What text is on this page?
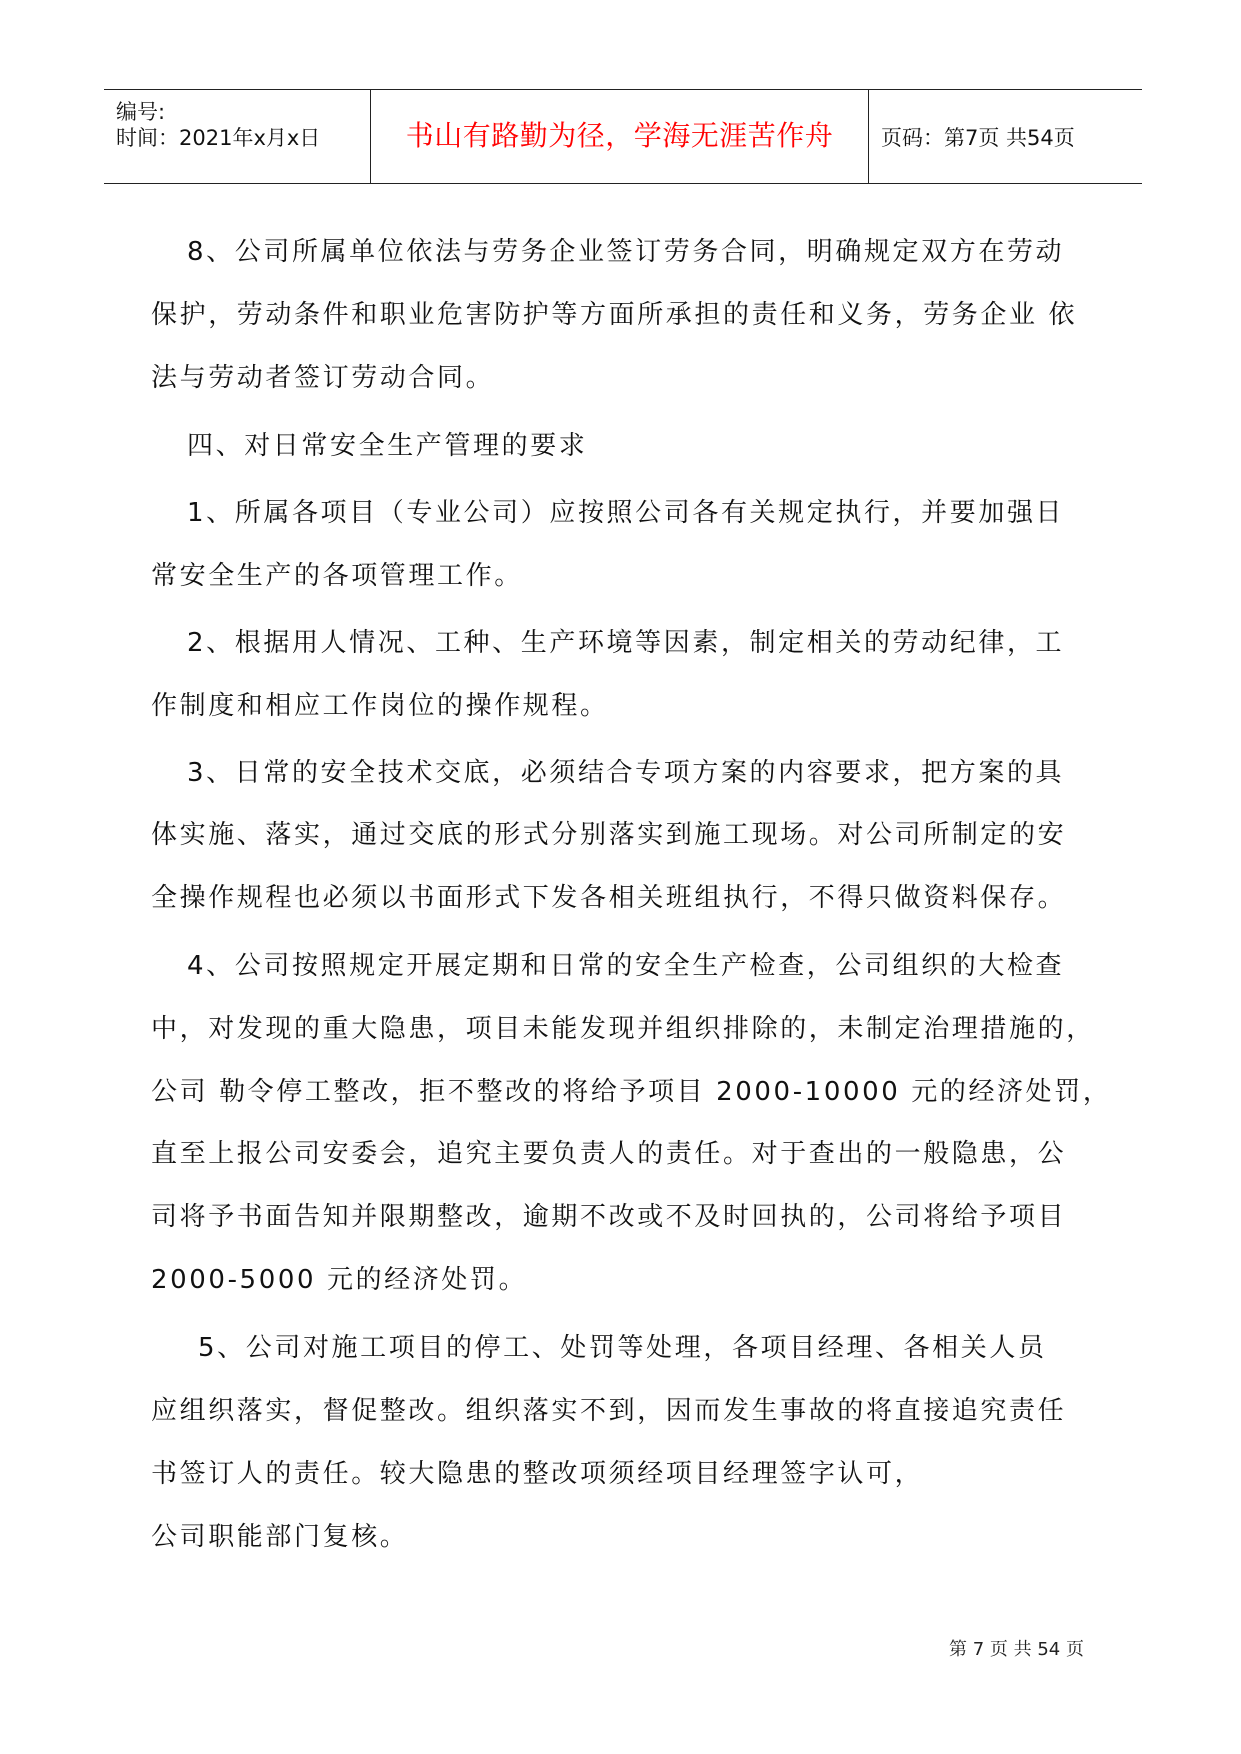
编号:
时间：2021年x月x日	书山有路勤为径，学海无涯苦作舟	页码：第7页 共54页
8、公司所属单位依法与劳务企业签订劳务合同，明确规定双方在劳动
保护，劳动条件和职业危害防护等方面所承担的责任和义务，劳务企业 依
法与劳动者签订劳动合同。
四、对日常安全生产管理的要求
1、所属各项目（专业公司）应按照公司各有关规定执行，并要加强日
常安全生产的各项管理工作。
2、根据用人情况、工种、生产环境等因素，制定相关的劳动纪律，工
作制度和相应工作岗位的操作规程。
3、日常的安全技术交底，必须结合专项方案的内容要求，把方案的具
体实施、落实，通过交底的形式分别落实到施工现场。对公司所制定的安
全操作规程也必须以书面形式下发各相关班组执行，不得只做资料保存。
4、公司按照规定开展定期和日常的安全生产检查，公司组织的大检查
中，对发现的重大隐患，项目未能发现并组织排除的，未制定治理措施的，
公司 勒令停工整改，拒不整改的将给予项目 2000-10000 元的经济处罚，
直至上报公司安委会，追究主要负责人的责任。对于查出的一般隐患，公
司将予书面告知并限期整改，逾期不改或不及时回执的，公司将给予项目
2000-5000 元的经济处罚。
5、公司对施工项目的停工、处罚等处理，各项目经理、各相关人员
应组织落实，督促整改。组织落实不到，因而发生事故的将直接追究责任
书签订人的责任。较大隐患的整改项须经项目经理签字认可，
公司职能部门复核。
第 7 页 共 54 页
